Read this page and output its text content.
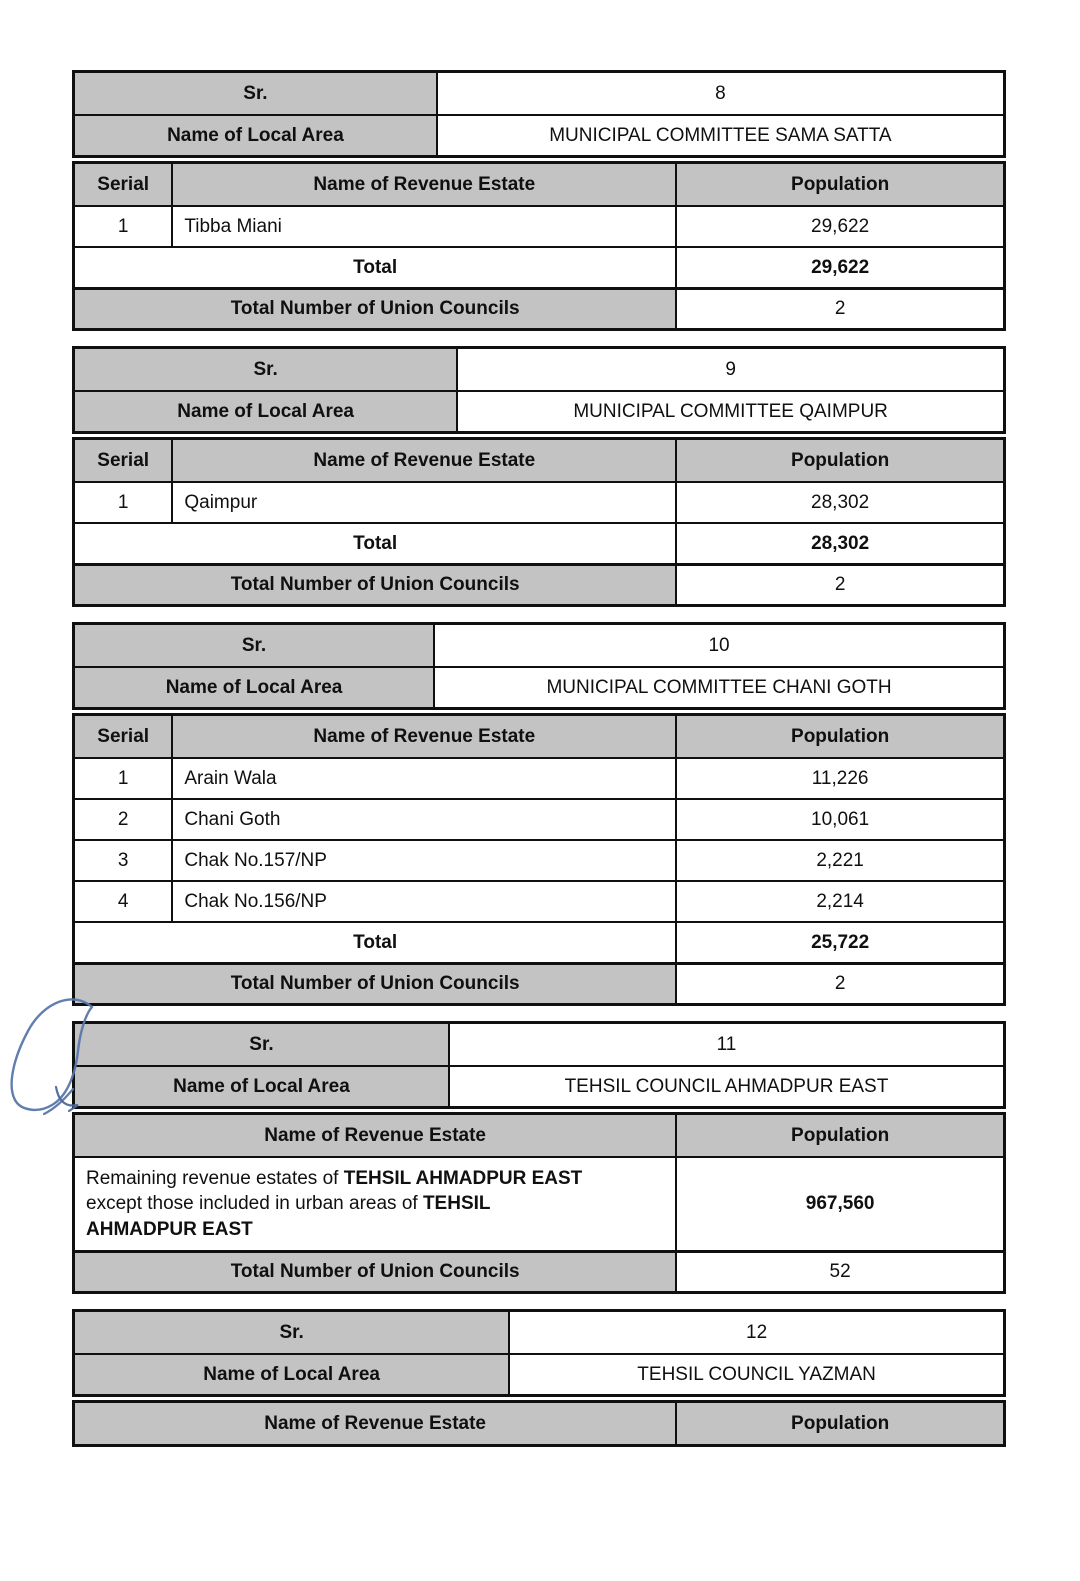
Sr.	8
Name of Local Area	MUNICIPAL COMMITTEE SAMA SATTA
Serial	Name of Revenue Estate	Population
1	Tibba Miani	29,622
Total	29,622
Total Number of Union Councils	2
Sr.	9
Name of Local Area	MUNICIPAL COMMITTEE QAIMPUR
Serial	Name of Revenue Estate	Population
1	Qaimpur	28,302
Total	28,302
Total Number of Union Councils	2
Sr.	10
Name of Local Area	MUNICIPAL COMMITTEE CHANI GOTH
Serial	Name of Revenue Estate	Population
1	Arain Wala	11,226
2	Chani Goth	10,061
3	Chak No.157/NP	2,221
4	Chak No.156/NP	2,214
Total	25,722
Total Number of Union Councils	2
Sr.	11
Name of Local Area	TEHSIL COUNCIL AHMADPUR EAST
Name of Revenue Estate	Population
Remaining revenue estates of TEHSIL AHMADPUR EAST
except those included in urban areas of TEHSIL
AHMADPUR EAST
967,560
Total Number of Union Councils	52
Sr.	12
Name of Local Area	TEHSIL COUNCIL YAZMAN
Name of Revenue Estate	Population
